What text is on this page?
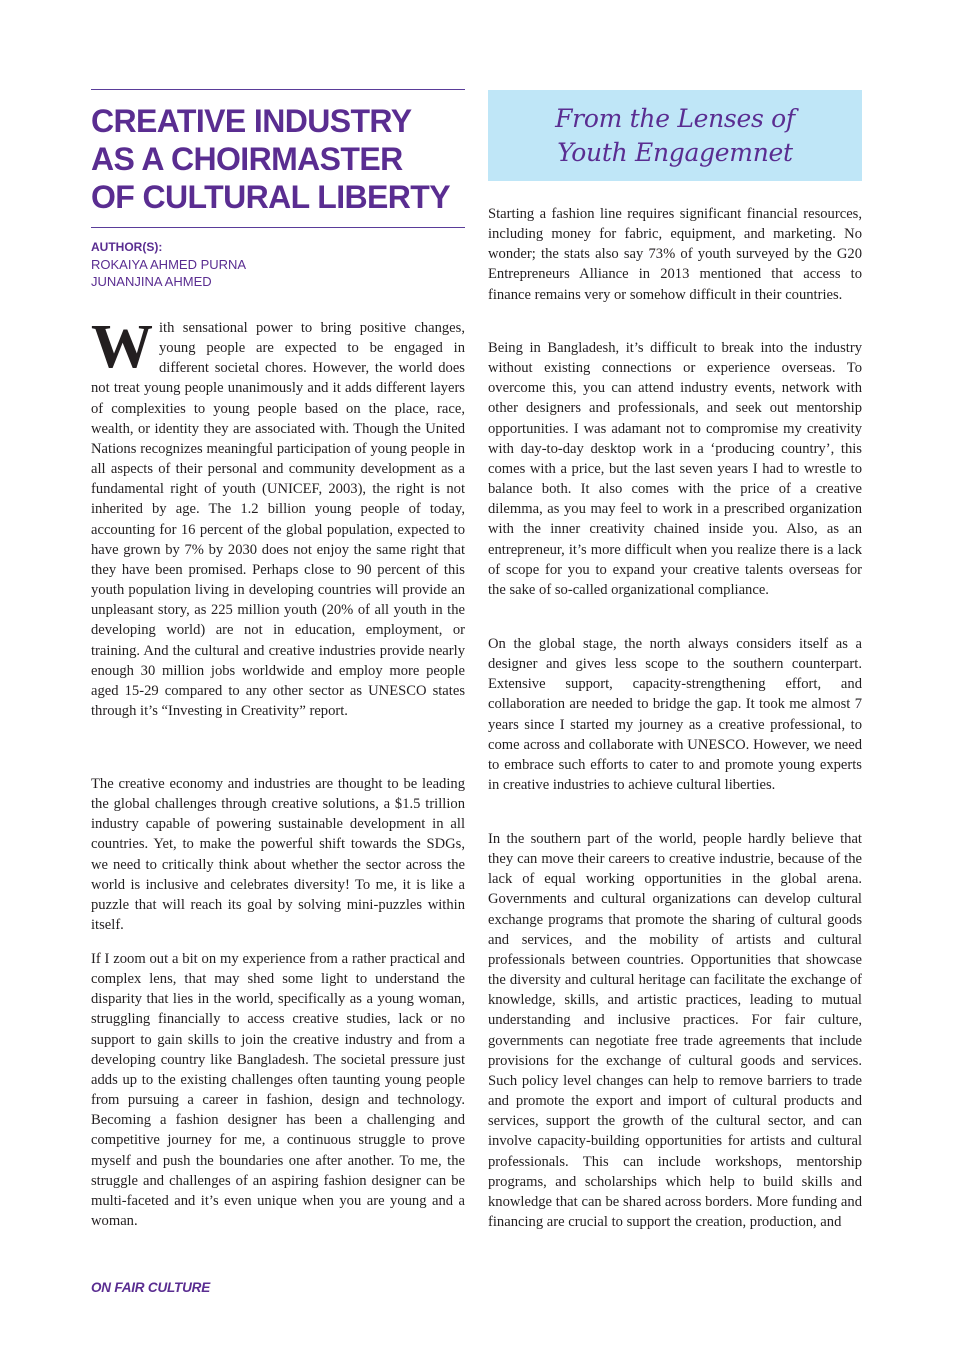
CREATIVE INDUSTRY
AS A CHOIRMASTER
OF CULTURAL LIBERTY
AUTHOR(S):
ROKAIYA AHMED PURNA
JUNANJINA AHMED

With sensational power to bring positive changes, young people are expected to be engaged in different societal chores. However, the world does not treat young people unanimously and it adds different layers of complexities to young people based on the place, race, wealth, or identity they are associated with. Though the United Nations recognizes meaningful participation of young people in all aspects of their personal and community development as a fundamental right of youth (UNICEF, 2003), the right is not inherited by age. The 1.2 billion young people of today, accounting for 16 percent of the global population, expected to have grown by 7% by 2030 does not enjoy the same right that they have been promised. Perhaps close to 90 percent of this youth population living in developing countries will provide an unpleasant story, as 225 million youth (20% of all youth in the developing world) are not in education, employment, or training. And the cultural and creative industries provide nearly enough 30 million jobs worldwide and employ more people aged 15-29 compared to any other sector as UNESCO states through it’s “Investing in Creativity” report.

The creative economy and industries are thought to be leading the global challenges through creative solutions, a $1.5 trillion industry capable of powering sustainable development in all countries. Yet, to make the powerful shift towards the SDGs, we need to critically think about whether the sector across the world is inclusive and celebrates diversity! To me, it is like a puzzle that will reach its goal by solving mini-puzzles within itself.

If I zoom out a bit on my experience from a rather practical and complex lens, that may shed some light to understand the disparity that lies in the world, specifically as a young woman, struggling financially to access creative studies, lack or no support to gain skills to join the creative industry and from a developing country like Bangladesh. The societal pressure just adds up to the existing challenges often taunting young people from pursuing a career in fashion, design and technology. Becoming a fashion designer has been a challenging and competitive journey for me, a continuous struggle to prove myself and push the boundaries one after another. To me, the struggle and challenges of an aspiring fashion designer can be multi-faceted and it’s even unique when you are young and a woman.

From the Lenses of
Youth Engagemnet

Starting a fashion line requires significant financial resources, including money for fabric, equipment, and marketing. No wonder; the stats also say 73% of youth surveyed by the G20 Entrepreneurs Alliance in 2013 mentioned that access to finance remains very or somehow difficult in their countries.

Being in Bangladesh, it’s difficult to break into the industry without existing connections or experience overseas. To overcome this, you can attend industry events, network with other designers and professionals, and seek out mentorship opportunities. I was adamant not to compromise my creativity with day-to-day desktop work in a ‘producing country’, this comes with a price, but the last seven years I had to wrestle to balance both. It also comes with the price of a creative dilemma, as you may feel to work in a prescribed organization with the inner creativity chained inside you. Also, as an entrepreneur, it’s more difficult when you realize there is a lack of scope for you to expand your creative talents overseas for the sake of so-called organizational compliance.

On the global stage, the north always considers itself as a designer and gives less scope to the southern counterpart. Extensive support, capacity-strengthening effort, and collaboration are needed to bridge the gap. It took me almost 7 years since I started my journey as a creative professional, to come across and collaborate with UNESCO. However, we need to embrace such efforts to cater to and promote young experts in creative industries to achieve cultural liberties.

In the southern part of the world, people hardly believe that they can move their careers to creative industrie, because of the lack of equal working opportunities in the global arena. Governments and cultural organizations can develop cultural exchange programs that promote the sharing of cultural goods and services, and the mobility of artists and cultural professionals between countries. Opportunities that showcase the diversity and cultural heritage can facilitate the exchange of knowledge, skills, and artistic practices, leading to mutual understanding and inclusive practices. For fair culture, governments can negotiate free trade agreements that include provisions for the exchange of cultural goods and services. Such policy level changes can help to remove barriers to trade and promote the export and import of cultural products and services, support the growth of the cultural sector, and can involve capacity-building opportunities for artists and cultural professionals. This can include workshops, mentorship programs, and scholarships which help to build skills and knowledge that can be shared across borders. More funding and financing are crucial to support the creation, production, and

ON FAIR CULTURE
